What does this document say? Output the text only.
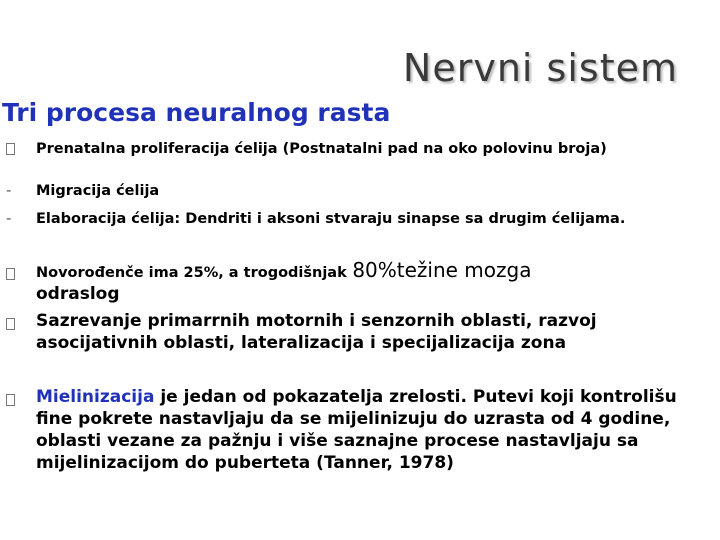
Nervni sistem
Tri procesa neuralnog rasta
Prenatalna proliferacija ćelija (Postnatalni pad na oko polovinu broja)
- Migracija ćelija
- Elaboracija ćelija: Dendriti i aksoni stvaraju sinapse sa drugim ćelijama.
Novorođenče ima 25%, a trogodišnjak 80%težine mozga
odraslog
Sazrevanje primarrnih motornih i senzornih oblasti, razvoj asocijativnih oblasti, lateralizacija i specijalizacija zona
Mielinizacija je jedan od pokazatelja zrelosti. Putevi koji kontrolišu fine pokrete nastavljaju da se mijelinizuju do uzrasta od 4 godine, oblasti vezane za pažnju i više saznajne procese nastavljaju sa mijelinizacijom do puberteta (Tanner, 1978)
